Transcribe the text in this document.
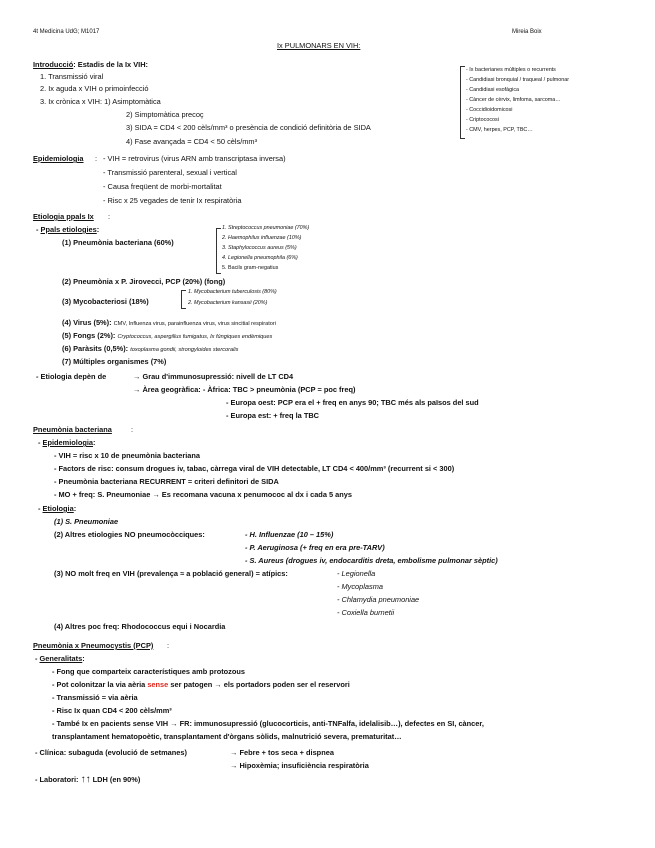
4t Medicina UdG; M1017	Mireia Boix
Ix PULMONARS EN VIH:
Introducció: Estadis de la Ix VIH:
1. Transmissió viral
2. Ix aguda x VIH o primoinfecció
3. Ix crònica x VIH: 1) Asimptomàtica
2) Simptomàtica precoç
3) SIDA = CD4 < 200 cèls/mm³ o presència de condició definitòria de SIDA
4) Fase avançada = CD4 < 50 cèls/mm³
- Ix bacterianes múltiples o recurrents
- Candidiasi bronquial / traqueal / pulmonar
- Candidiasi esofàgica
- Càncer de cèrvix, limfoma, sarcoma…
- Coccidioidomicosi
- Criptococosi
- CMV, herpes, PCP, TBC…
Epidemiologia : - VIH = retrovirus (virus ARN amb transcriptasa inversa)
- Transmissió parenteral, sexual i vertical
- Causa freqüent de morbi-mortalitat
- Risc x 25 vegades de tenir Ix respiratòria
Etiologia ppals Ix :
- Ppals etiologies:
(1) Pneumònia bacteriana (60%)
1. Streptococcus pneumoniae (70%)
2. Haemophilus influenzae (10%)
3. Staphylococcus aureus (5%)
4. Legionella pneumophila (6%)
5. Bacils gram-negatius
(2) Pneumònia x P. Jirovecci, PCP (20%) (fong)
(3) Mycobacteriosi (18%)
1. Mycobacterium tuberculosis (80%)
2. Mycobacterium kansasii (20%)
(4) Virus (5%): CMV, Influenza virus, parainfluenza virus, virus sincitial respiratori
(5) Fongs (2%): Cryptococcus, aspergillus fumigatus, Ix fúngiques endèmiques
(6) Paràsits (0,5%): toxoplasma gondii, strongyloides stercoralis
(7) Múltiples organismes (7%)
- Etiologia depèn de	→ Grau d'immunosupressió: nivell de LT CD4
→ Àrea geogràfica: - Àfrica: TBC > pneumònia (PCP = poc freq)
- Europa oest: PCP era el + freq en anys 90; TBC més als països del sud
- Europa est: + freq la TBC
Pneumònia bacteriana	:
- Epidemiologia:
- VIH = risc x 10 de pneumònia bacteriana
- Factors de risc: consum drogues iv, tabac, càrrega viral de VIH detectable, LT CD4 < 400/mm³ (recurrent si < 300)
- Pneumònia bacteriana RECURRENT = criteri definitori de SIDA
- MO + freq: S. Pneumoniae → Es recomana vacuna x penumococ al dx i cada 5 anys
- Etiologia:
(1) S. Pneumoniae
(2) Altres etiologies NO pneumocòcciques:	- H. Influenzae (10 – 15%)
- P. Aeruginosa (+ freq en era pre-TARV)
- S. Aureus (drogues iv, endocarditis dreta, embolisme pulmonar sèptic)
(3) NO molt freq en VIH (prevalença ≈ a població general) = atípics:	- Legionella
- Mycoplasma
- Chlamydia pneumoniae
- Coxiella burnetii
(4) Altres poc freq: Rhodococcus equi i Nocardia
Pneumònia x Pneumocystis (PCP) :
- Generalitats:
- Fong que comparteix característiques amb protozous
- Pot colonitzar la via aèria sense ser patogen → els portadors poden ser el reservori
- Transmissió = via aèria
- Risc Ix quan CD4 < 200 cèls/mm³
- També Ix en pacients sense VIH → FR: immunosupressió (glucocorticis, anti-TNFalfa, idelalisib…), defectes en SI, càncer,
transplantament hematopoètic, transplantament d'òrgans sòlids, malnutrició severa, prematuritat…
- Clínica: subaguda (evolució de setmanes)	→ Febre + tos seca + dispnea
→ Hipoxèmia; insuficiència respiratòria
- Laboratori: ↑↑ LDH (en 90%)
